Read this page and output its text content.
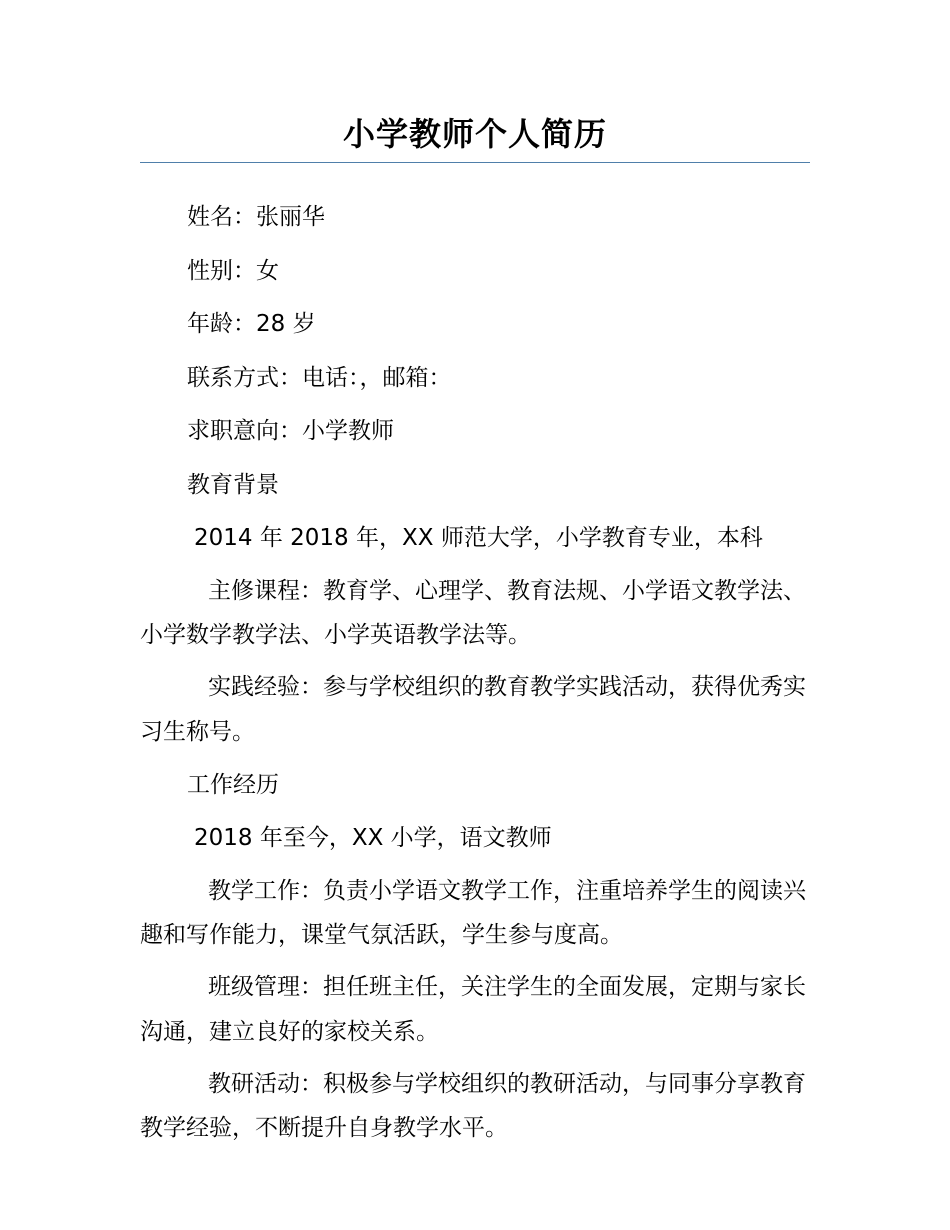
小学教师个人简历
姓名：张丽华
性别：女
年龄：28 岁
联系方式：电话：，邮箱：
求职意向：小学教师
教育背景
2014 年 2018 年，XX 师范大学，小学教育专业，本科
主修课程：教育学、心理学、教育法规、小学语文教学法、小学数学教学法、小学英语教学法等。
实践经验：参与学校组织的教育教学实践活动，获得优秀实习生称号。
工作经历
2018 年至今，XX 小学，语文教师
教学工作：负责小学语文教学工作，注重培养学生的阅读兴趣和写作能力，课堂气氛活跃，学生参与度高。
班级管理：担任班主任，关注学生的全面发展，定期与家长沟通，建立良好的家校关系。
教研活动：积极参与学校组织的教研活动，与同事分享教育教学经验，不断提升自身教学水平。
